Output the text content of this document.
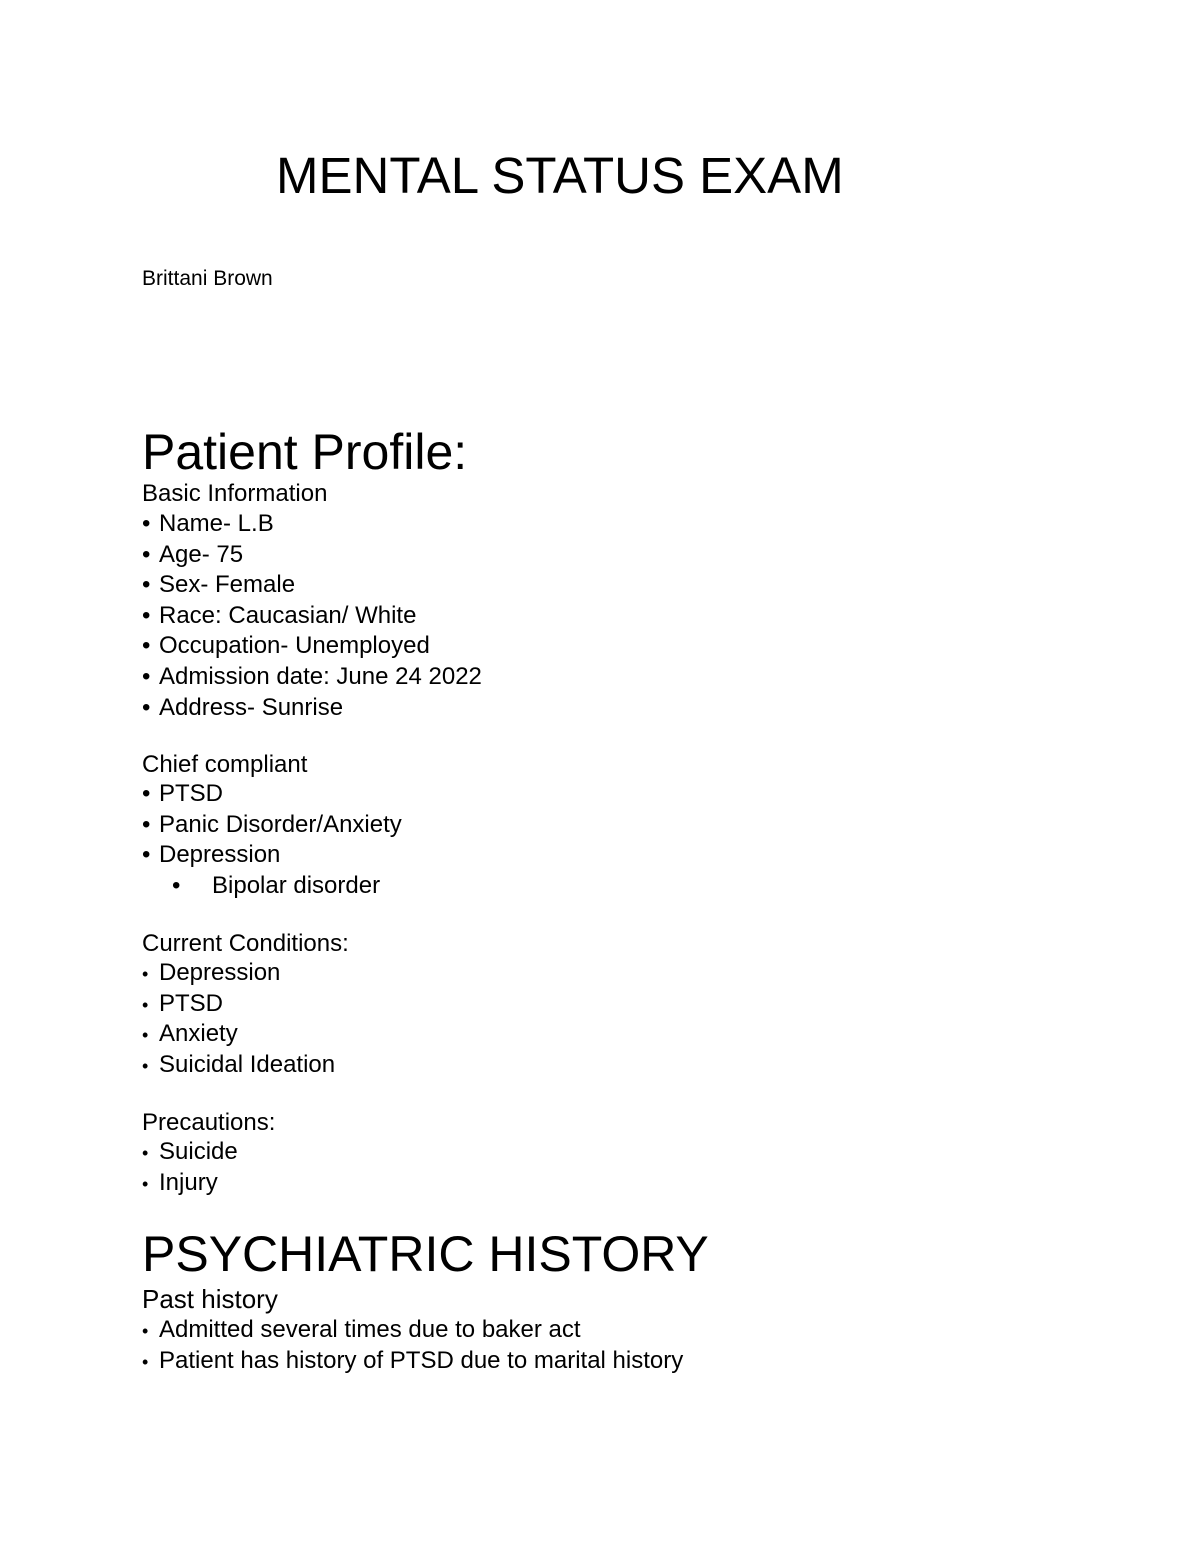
MENTAL STATUS EXAM
Brittani Brown
Patient Profile:
Basic Information
• Name- L.B
• Age- 75
• Sex- Female
• Race: Caucasian/ White
• Occupation- Unemployed
• Admission date: June 24 2022
• Address- Sunrise
Chief compliant
• PTSD
• Panic Disorder/Anxiety
• Depression
• Bipolar disorder
Current Conditions:
• Depression
• PTSD
• Anxiety
• Suicidal Ideation
Precautions:
• Suicide
• Injury
PSYCHIATRIC HISTORY
Past history
• Admitted several times due to baker act
• Patient has history of PTSD due to marital history
